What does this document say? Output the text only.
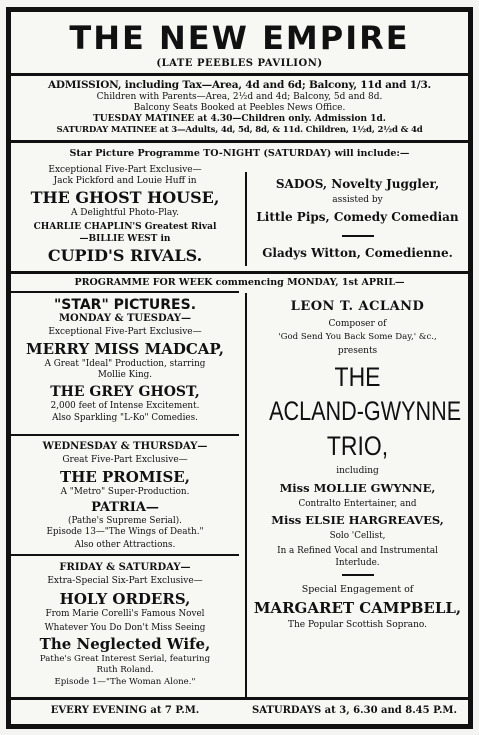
THE NEW EMPIRE
(LATE PEEBLES PAVILION)
ADMISSION, including Tax—Area, 4d and 6d; Balcony, 11d and 1/3.
Children with Parents—Area, 2½d and 4d; Balcony, 5d and 8d.
Balcony Seats Booked at Peebles News Office.
TUESDAY MATINEE at 4.30—Children only. Admission 1d.
SATURDAY MATINEE at 3—Adults, 4d, 5d, 8d, & 11d. Children, 1½d, 2½d & 4d
Star Picture Programme TO-NIGHT (SATURDAY) will include:—
Exceptional Five-Part Exclusive—
Jack Pickford and Louie Huff in
THE GHOST HOUSE,
A Delightful Photo-Play.
CHARLIE CHAPLIN'S Greatest Rival
—BILLIE WEST in
CUPID'S RIVALS.
SADOS, Novelty Juggler,
assisted by
Little Pips, Comedy Comedian
Gladys Witton, Comedienne.
PROGRAMME FOR WEEK commencing MONDAY, 1st APRIL—
"STAR" PICTURES.
MONDAY & TUESDAY—
Exceptional Five-Part Exclusive—
MERRY MISS MADCAP,
A Great "Ideal" Production, starring
Mollie King.
THE GREY GHOST,
2,000 feet of Intense Excitement.
Also Sparkling "L-Ko" Comedies.
WEDNESDAY & THURSDAY—
Great Five-Part Exclusive—
THE PROMISE,
A "Metro" Super-Production.
PATRIA—
(Pathe's Supreme Serial).
Episode 13—"The Wings of Death."
Also other Attractions.
FRIDAY & SATURDAY—
Extra-Special Six-Part Exclusive—
HOLY ORDERS,
From Marie Corelli's Famous Novel
Whatever You Do Don't Miss Seeing
The Neglected Wife,
Pathe's Great Interest Serial, featuring
Ruth Roland.
Episode 1—"The Woman Alone."
LEON T. ACLAND
Composer of
'God Send You Back Some Day,' &c.,
presents
THE
ACLAND-GWYNNE
TRIO,
including
Miss MOLLIE GWYNNE,
Contralto Entertainer, and
Miss ELSIE HARGREAVES,
Solo 'Cellist,
In a Refined Vocal and Instrumental
Interlude.
Special Engagement of
MARGARET CAMPBELL,
The Popular Scottish Soprano.
EVERY EVENING at 7 P.M.	SATURDAYS at 3, 6.30 and 8.45 P.M.
